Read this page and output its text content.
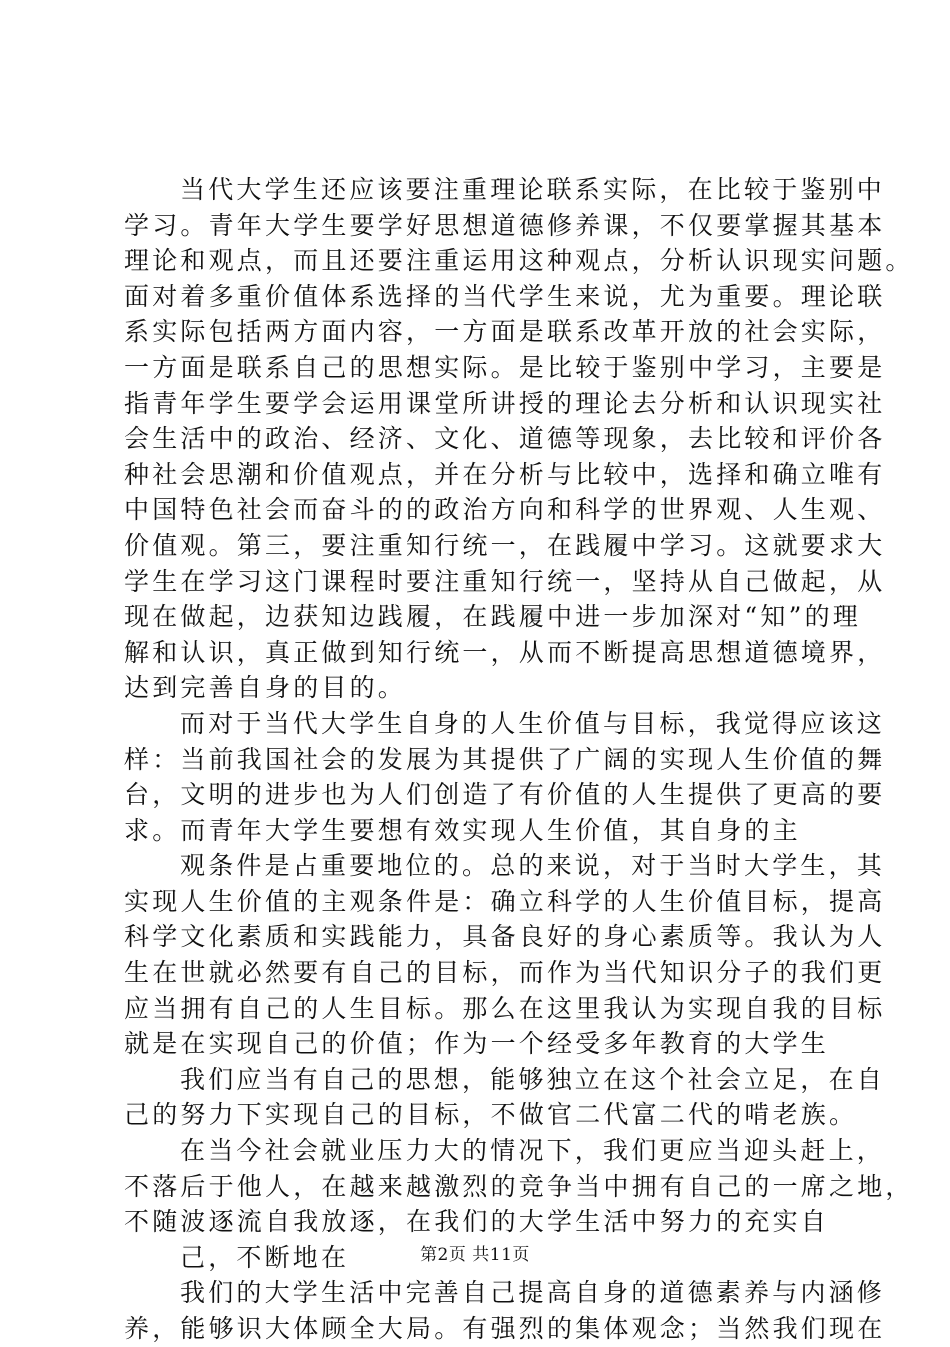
当代大学生还应该要注重理论联系实际，在比较于鉴别中
学习。青年大学生要学好思想道德修养课，不仅要掌握其基本
理论和观点，而且还要注重运用这种观点，分析认识现实问题。
面对着多重价值体系选择的当代学生来说，尤为重要。理论联
系实际包括两方面内容，一方面是联系改革开放的社会实际，
一方面是联系自己的思想实际。是比较于鉴别中学习，主要是
指青年学生要学会运用课堂所讲授的理论去分析和认识现实社
会生活中的政治、经济、文化、道德等现象，去比较和评价各
种社会思潮和价值观点，并在分析与比较中，选择和确立唯有
中国特色社会而奋斗的的政治方向和科学的世界观、人生观、
价值观。第三，要注重知行统一，在践履中学习。这就要求大
学生在学习这门课程时要注重知行统一，坚持从自己做起，从
现在做起，边获知边践履，在践履中进一步加深对“知”的理
解和认识，真正做到知行统一，从而不断提高思想道德境界，
达到完善自身的目的。
而对于当代大学生自身的人生价值与目标，我觉得应该这
样：当前我国社会的发展为其提供了广阔的实现人生价值的舞
台，文明的进步也为人们创造了有价值的人生提供了更高的要
求。而青年大学生要想有效实现人生价值，其自身的主
观条件是占重要地位的。总的来说，对于当时大学生，其
实现人生价值的主观条件是：确立科学的人生价值目标，提高
科学文化素质和实践能力，具备良好的身心素质等。我认为人
生在世就必然要有自己的目标，而作为当代知识分子的我们更
应当拥有自己的人生目标。那么在这里我认为实现自我的目标
就是在实现自己的价值；作为一个经受多年教育的大学生
我们应当有自己的思想，能够独立在这个社会立足，在自
己的努力下实现自己的目标，不做官二代富二代的啃老族。
在当今社会就业压力大的情况下，我们更应当迎头赶上，
不落后于他人，在越来越激烈的竞争当中拥有自己的一席之地，
不随波逐流自我放逐，在我们的大学生活中努力的充实自
己，不断地在
我们的大学生活中完善自己提高自身的道德素养与内涵修
养，能够识大体顾全大局。有强烈的集体观念；当然我们现在
第2页 共11页
